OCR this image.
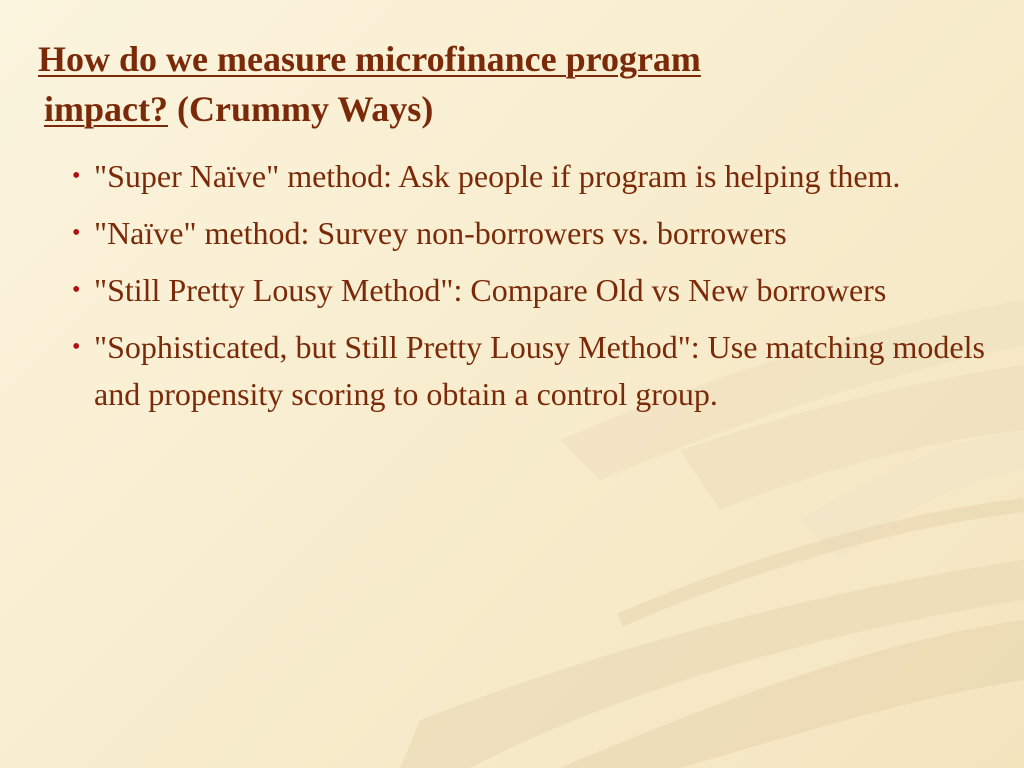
How do we measure microfinance program
impact? (Crummy Ways)
• "Super Naïve" method: Ask people if program is helping them.
• "Naïve" method: Survey non-borrowers vs. borrowers
• "Still Pretty Lousy Method": Compare Old vs New borrowers
• "Sophisticated, but Still Pretty Lousy Method": Use matching models and propensity scoring to obtain a control group.
